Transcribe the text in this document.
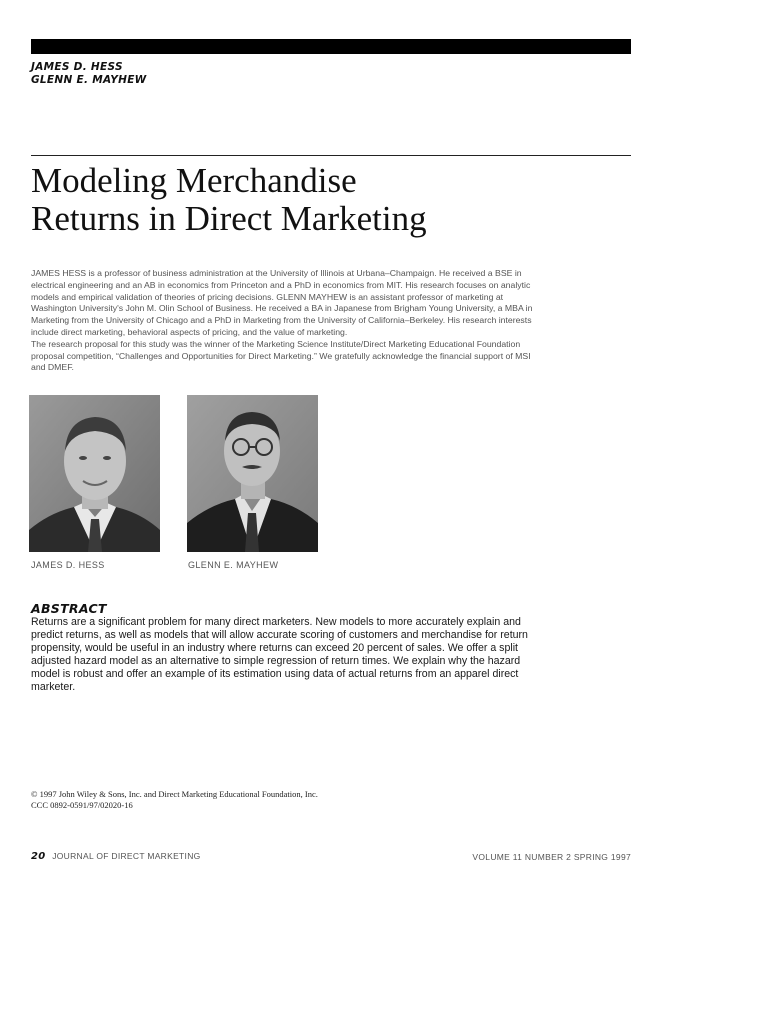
JAMES D. HESS
GLENN E. MAYHEW
Modeling Merchandise
Returns in Direct Marketing

JAMES HESS is a professor of business administration at the University of Illinois at Urbana–Champaign. He received a BSE in electrical engineering and an AB in economics from Princeton and a PhD in economics from MIT. His research focuses on analytic models and empirical validation of theories of pricing decisions. GLENN MAYHEW is an assistant professor of marketing at Washington University's John M. Olin School of Business. He received a BA in Japanese from Brigham Young University, a MBA in Marketing from the University of Chicago and a PhD in Marketing from the University of California–Berkeley. His research interests include direct marketing, behavioral aspects of pricing, and the value of marketing.

The research proposal for this study was the winner of the Marketing Science Institute/Direct Marketing Educational Foundation proposal competition, “Challenges and Opportunities for Direct Marketing.” We gratefully acknowledge the financial support of MSI and DMEF.

JAMES D. HESS	GLENN E. MAYHEW
ABSTRACT

Returns are a significant problem for many direct marketers. New models to more accurately explain and predict returns, as well as models that will allow accurate scoring of customers and merchandise for return propensity, would be useful in an industry where returns can exceed 20 percent of sales. We offer a split adjusted hazard model as an alternative to simple regression of return times. We explain why the hazard model is robust and offer an example of its estimation using data of actual returns from an apparel direct marketer.

© 1997 John Wiley & Sons, Inc. and Direct Marketing Educational Foundation, Inc.
CCC 0892-0591/97/02020-16
20 JOURNAL OF DIRECT MARKETING	VOLUME 11 NUMBER 2 SPRING 1997
